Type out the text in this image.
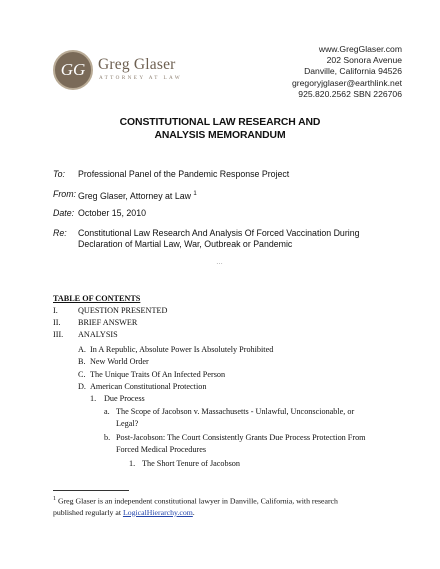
GG Greg Glaser
ATTORNEY AT LAW
www.GregGlaser.com
202 Sonora Avenue
Danville, California 94526
gregoryjglaser@earthlink.net
925.820.2562 SBN 226706
CONSTITUTIONAL LAW RESEARCH AND
ANALYSIS MEMORANDUM
To: Professional Panel of the Pandemic Response Project
From: Greg Glaser, Attorney at Law $^1$
Date: October 15, 2010
Re: Constitutional Law Research And Analysis Of Forced Vaccination During Declaration of Martial Law, War, Outbreak or Pandemic
…
TABLE OF CONTENTS
I. QUESTION PRESENTED
II. BRIEF ANSWER
III. ANALYSIS
A. In A Republic, Absolute Power Is Absolutely Prohibited
B. New World Order
C. The Unique Traits Of An Infected Person
D. American Constitutional Protection
1. Due Process
a. The Scope of Jacobson v. Massachusetts - Unlawful, Unconscionable, or
Legal?
b. Post-Jacobson: The Court Consistently Grants Due Process Protection From
Forced Medical Procedures
1. The Short Tenure of Jacobson
$^1$ Greg Glaser is an independent constitutional lawyer in Danville, California, with research
published regularly at LogicalHierarchy.com.
